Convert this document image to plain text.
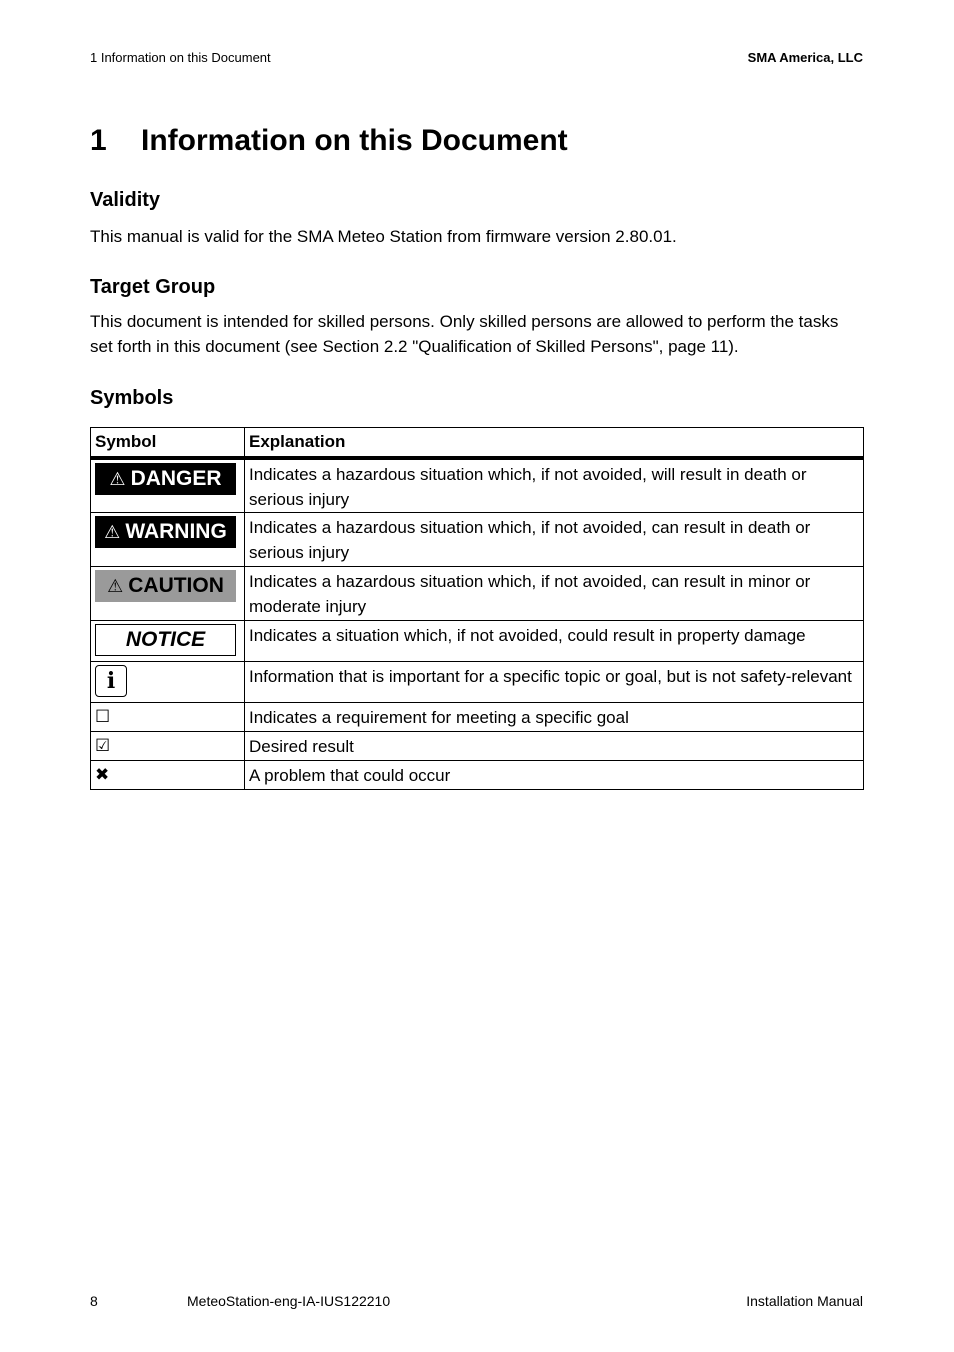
1 Information on this Document	SMA America, LLC
1	Information on this Document
Validity
This manual is valid for the SMA Meteo Station from firmware version 2.80.01.
Target Group
This document is intended for skilled persons. Only skilled persons are allowed to perform the tasks set forth in this document (see Section 2.2 "Qualification of Skilled Persons", page 11).
Symbols
Symbol	Explanation

⚠ DANGER	Indicates a hazardous situation which, if not avoided, will result in death or serious injury

⚠ WARNING	Indicates a hazardous situation which, if not avoided, can result in death or serious injury

⚠ CAUTION	Indicates a hazardous situation which, if not avoided, can result in minor or moderate injury

NOTICE	Indicates a situation which, if not avoided, could result in property damage

i	Information that is important for a specific topic or goal, but is not safety-relevant
☐	Indicates a requirement for meeting a specific goal
☑	Desired result
✖	A problem that could occur
8	MeteoStation-eng-IA-IUS122210	Installation Manual
